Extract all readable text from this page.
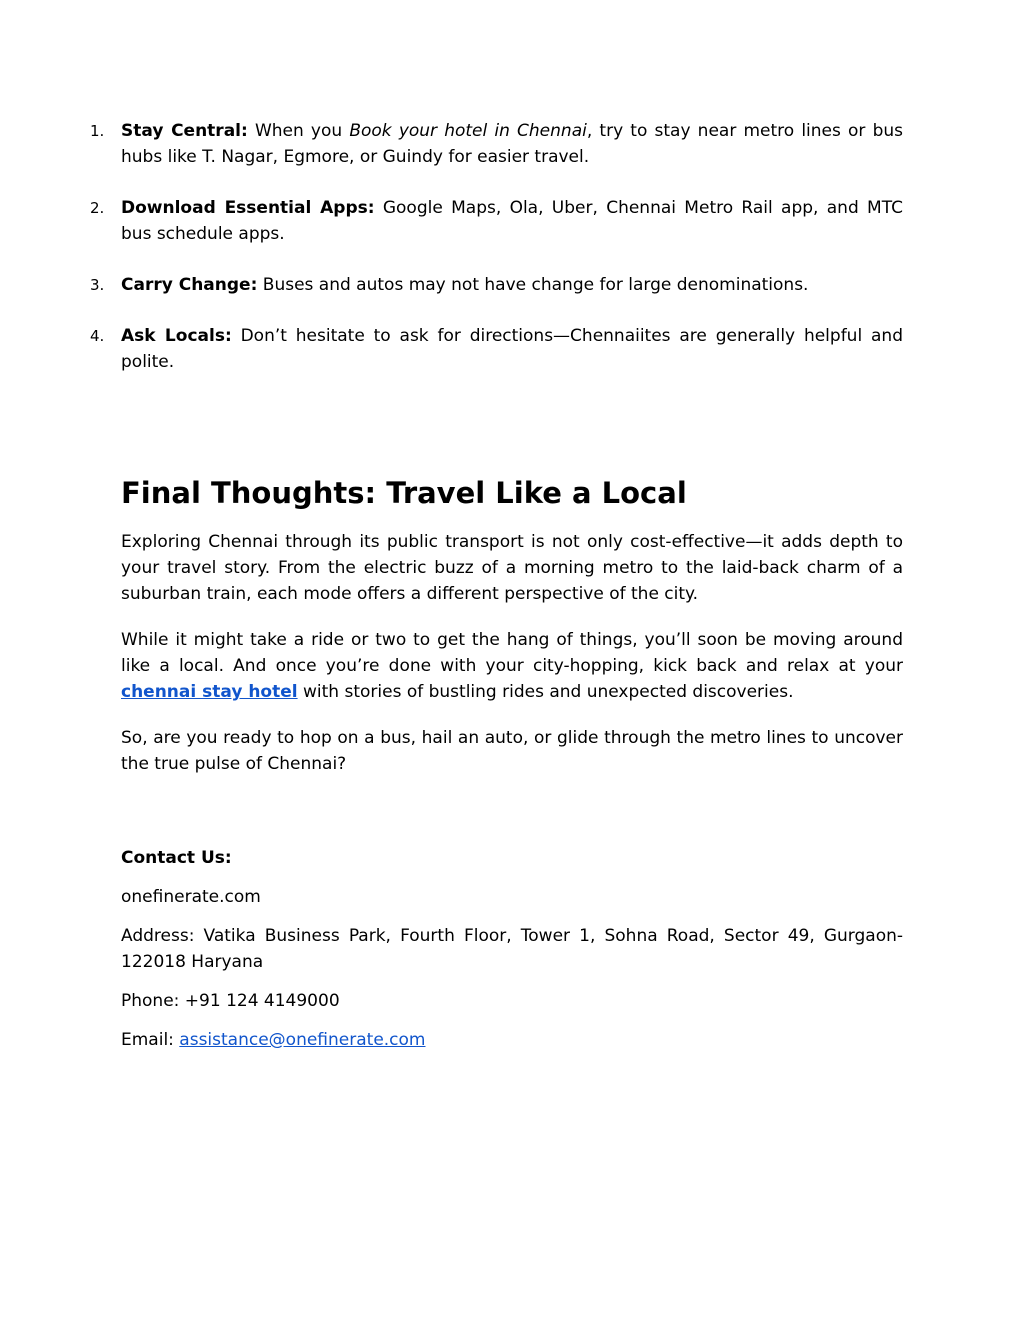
1. Stay Central: When you Book your hotel in Chennai, try to stay near metro lines or bus hubs like T. Nagar, Egmore, or Guindy for easier travel.
2. Download Essential Apps: Google Maps, Ola, Uber, Chennai Metro Rail app, and MTC bus schedule apps.
3. Carry Change: Buses and autos may not have change for large denominations.
4. Ask Locals: Don’t hesitate to ask for directions—Chennaiites are generally helpful and polite.
Final Thoughts: Travel Like a Local

Exploring Chennai through its public transport is not only cost-effective—it adds depth to your travel story. From the electric buzz of a morning metro to the laid-back charm of a suburban train, each mode offers a different perspective of the city.

While it might take a ride or two to get the hang of things, you’ll soon be moving around like a local. And once you’re done with your city-hopping, kick back and relax at your chennai stay hotel with stories of bustling rides and unexpected discoveries.

So, are you ready to hop on a bus, hail an auto, or glide through the metro lines to uncover the true pulse of Chennai?

Contact Us:

onefinerate.com

Address: Vatika Business Park, Fourth Floor, Tower 1, Sohna Road, Sector 49, Gurgaon- 122018 Haryana

Phone: +91 124 4149000

Email: assistance@onefinerate.com
